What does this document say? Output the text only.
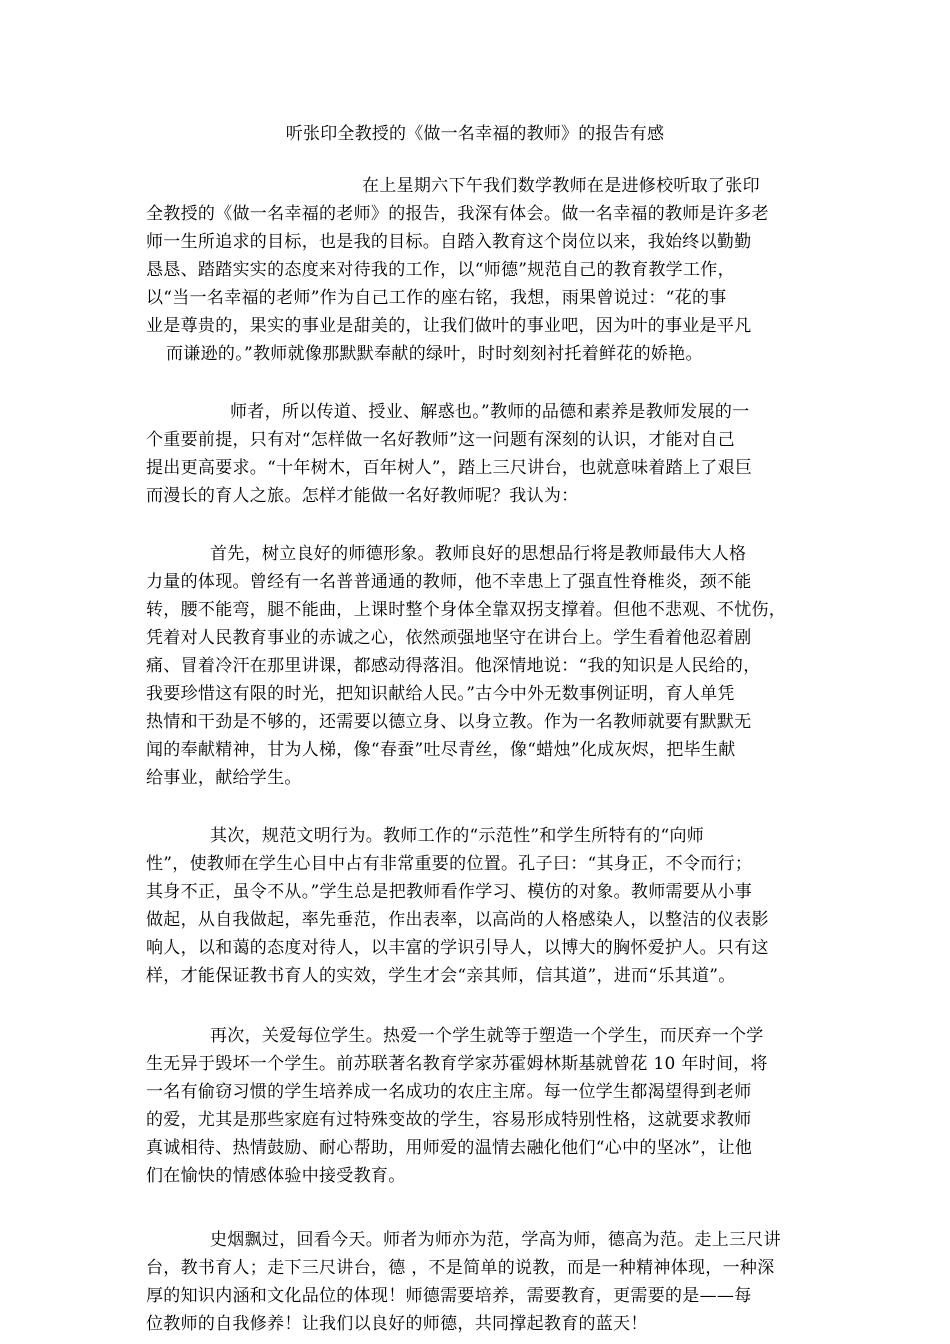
听张印全教授的《做一名幸福的教师》的报告有感
在上星期六下午我们数学教师在是进修校听取了张印
全教授的《做一名幸福的老师》的报告，我深有体会。做一名幸福的教师是许多老
师一生所追求的目标，也是我的目标。自踏入教育这个岗位以来，我始终以勤勤
恳恳、踏踏实实的态度来对待我的工作，以“师德”规范自己的教育教学工作，
以“当一名幸福的老师”作为自己工作的座右铭，我想，雨果曾说过：“花的事
业是尊贵的，果实的事业是甜美的，让我们做叶的事业吧，因为叶的事业是平凡
而谦逊的。”教师就像那默默奉献的绿叶，时时刻刻衬托着鲜花的娇艳。
师者，所以传道、授业、解惑也。”教师的品德和素养是教师发展的一
个重要前提，只有对“怎样做一名好教师”这一问题有深刻的认识，才能对自己
提出更高要求。“十年树木，百年树人”，踏上三尺讲台，也就意味着踏上了艰巨
而漫长的育人之旅。怎样才能做一名好教师呢？我认为：
首先，树立良好的师德形象。教师良好的思想品行将是教师最伟大人格
力量的体现。曾经有一名普普通通的教师，他不幸患上了强直性脊椎炎，颈不能
转，腰不能弯，腿不能曲，上课时整个身体全靠双拐支撑着。但他不悲观、不忧伤，
凭着对人民教育事业的赤诚之心，依然顽强地坚守在讲台上。学生看着他忍着剧
痛、冒着冷汗在那里讲课，都感动得落泪。他深情地说：“我的知识是人民给的，
我要珍惜这有限的时光，把知识献给人民。”古今中外无数事例证明，育人单凭
热情和干劲是不够的，还需要以德立身、以身立教。作为一名教师就要有默默无
闻的奉献精神，甘为人梯，像“春蚕”吐尽青丝，像“蜡烛”化成灰烬，把毕生献
给事业，献给学生。
其次，规范文明行为。教师工作的“示范性”和学生所特有的“向师
性”，使教师在学生心目中占有非常重要的位置。孔子曰：“其身正，不令而行；
其身不正，虽令不从。”学生总是把教师看作学习、模仿的对象。教师需要从小事
做起，从自我做起，率先垂范，作出表率，以高尚的人格感染人，以整洁的仪表影
响人，以和蔼的态度对待人，以丰富的学识引导人，以博大的胸怀爱护人。只有这
样，才能保证教书育人的实效，学生才会“亲其师，信其道”，进而“乐其道”。
再次，关爱每位学生。热爱一个学生就等于塑造一个学生，而厌弃一个学
生无异于毁坏一个学生。前苏联著名教育学家苏霍姆林斯基就曾花 10 年时间，将
一名有偷窃习惯的学生培养成一名成功的农庄主席。每一位学生都渴望得到老师
的爱，尤其是那些家庭有过特殊变故的学生，容易形成特别性格，这就要求教师
真诚相待、热情鼓励、耐心帮助，用师爱的温情去融化他们“心中的坚冰”，让他
们在愉快的情感体验中接受教育。
史烟飘过，回看今天。师者为师亦为范，学高为师，德高为范。走上三尺讲
台，教书育人；走下三尺讲台，德 ，不是简单的说教，而是一种精神体现，一种深
厚的知识内涵和文化品位的体现！师德需要培养，需要教育，更需要的是——每
位教师的自我修养！让我们以良好的师德，共同撑起教育的蓝天！
